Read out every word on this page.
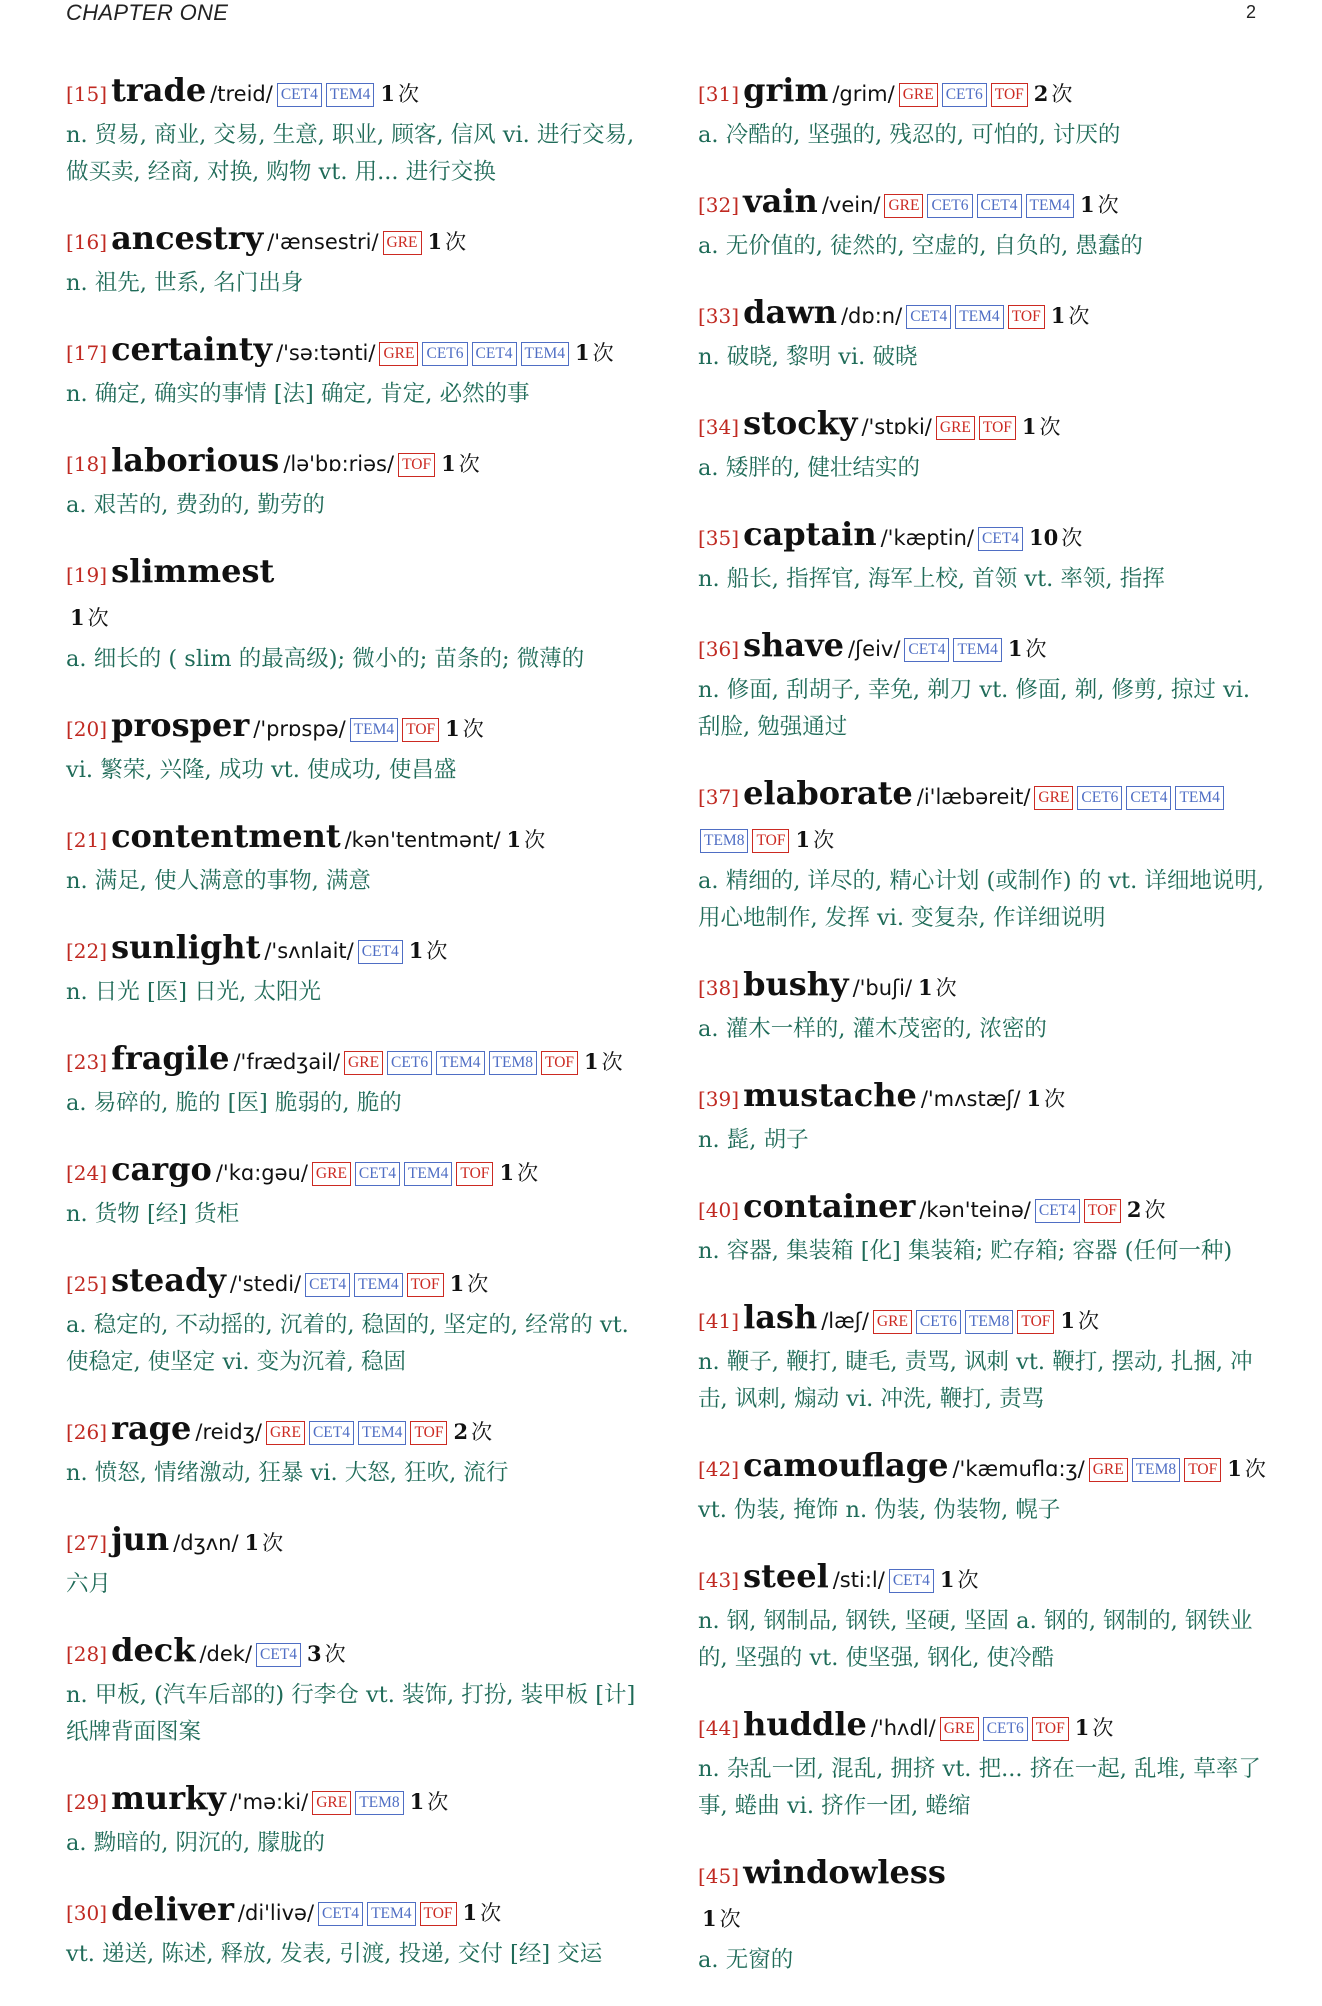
CHAPTER ONE	2
[15] trade /treid/ CET4 TEM4 1 次
n. 贸易, 商业, 交易, 生意, 职业, 顾客, 信风 vi. 进行交易, 做买卖, 经商, 对换, 购物 vt. 用... 进行交换
[16] ancestry /'ænsestri/ GRE 1 次
n. 祖先, 世系, 名门出身
[17] certainty /'sə:tənti/ GRE CET6 CET4 TEM4 1 次
n. 确定, 确实的事情 [法] 确定, 肯定, 必然的事
[18] laborious /lə'bɒ:riəs/ TOF 1 次
a. 艰苦的, 费劲的, 勤劳的
[19] slimmest
1 次
a. 细长的 ( slim 的最高级); 微小的; 苗条的; 微薄的
[20] prosper /'prɒspə/ TEM4 TOF 1 次
vi. 繁荣, 兴隆, 成功 vt. 使成功, 使昌盛
[21] contentment /kən'tentmənt/ 1 次
n. 满足, 使人满意的事物, 满意
[22] sunlight /'sʌnlait/ CET4 1 次
n. 日光 [医] 日光, 太阳光
[23] fragile /'frædʒail/ GRE CET6 TEM4 TEM8 TOF 1 次
a. 易碎的, 脆的 [医] 脆弱的, 脆的
[24] cargo /'kɑ:gəu/ GRE CET4 TEM4 TOF 1 次
n. 货物 [经] 货柜
[25] steady /'stedi/ CET4 TEM4 TOF 1 次
a. 稳定的, 不动摇的, 沉着的, 稳固的, 坚定的, 经常的 vt. 使稳定, 使坚定 vi. 变为沉着, 稳固
[26] rage /reidʒ/ GRE CET4 TEM4 TOF 2 次
n. 愤怒, 情绪激动, 狂暴 vi. 大怒, 狂吹, 流行
[27] jun /dʒʌn/ 1 次
六月
[28] deck /dek/ CET4 3 次
n. 甲板, (汽车后部的) 行李仓 vt. 装饰, 打扮, 装甲板 [计] 纸牌背面图案
[29] murky /'mə:ki/ GRE TEM8 1 次
a. 黝暗的, 阴沉的, 朦胧的
[30] deliver /di'livə/ CET4 TEM4 TOF 1 次
vt. 递送, 陈述, 释放, 发表, 引渡, 投递, 交付 [经] 交运
[31] grim /grim/ GRE CET6 TOF 2 次
a. 冷酷的, 坚强的, 残忍的, 可怕的, 讨厌的
[32] vain /vein/ GRE CET6 CET4 TEM4 1 次
a. 无价值的, 徒然的, 空虚的, 自负的, 愚蠢的
[33] dawn /dɒ:n/ CET4 TEM4 TOF 1 次
n. 破晓, 黎明 vi. 破晓
[34] stocky /'stɒki/ GRE TOF 1 次
a. 矮胖的, 健壮结实的
[35] captain /'kæptin/ CET4 10 次
n. 船长, 指挥官, 海军上校, 首领 vt. 率领, 指挥
[36] shave /ʃeiv/ CET4 TEM4 1 次
n. 修面, 刮胡子, 幸免, 剃刀 vt. 修面, 剃, 修剪, 掠过 vi. 刮脸, 勉强通过
[37] elaborate /i'læbəreit/ GRE CET6 CET4 TEM4TEM8 TOF 1 次
a. 精细的, 详尽的, 精心计划 (或制作) 的 vt. 详细地说明, 用心地制作, 发挥 vi. 变复杂, 作详细说明
[38] bushy /'buʃi/ 1 次
a. 灌木一样的, 灌木茂密的, 浓密的
[39] mustache /'mʌstæʃ/ 1 次
n. 髭, 胡子
[40] container /kən'teinə/ CET4 TOF 2 次
n. 容器, 集装箱 [化] 集装箱; 贮存箱; 容器 (任何一种)
[41] lash /læʃ/ GRE CET6 TEM8 TOF 1 次
n. 鞭子, 鞭打, 睫毛, 责骂, 讽刺 vt. 鞭打, 摆动, 扎捆, 冲击, 讽刺, 煽动 vi. 冲洗, 鞭打, 责骂
[42] camouflage /'kæmuflɑ:ʒ/ GRE TEM8 TOF 1 次
vt. 伪装, 掩饰 n. 伪装, 伪装物, 幌子
[43] steel /sti:l/ CET4 1 次
n. 钢, 钢制品, 钢铁, 坚硬, 坚固 a. 钢的, 钢制的, 钢铁业的, 坚强的 vt. 使坚强, 钢化, 使冷酷
[44] huddle /'hʌdl/ GRE CET6 TOF 1 次
n. 杂乱一团, 混乱, 拥挤 vt. 把... 挤在一起, 乱堆, 草率了事, 蜷曲 vi. 挤作一团, 蜷缩
[45] windowless
1 次
a. 无窗的
